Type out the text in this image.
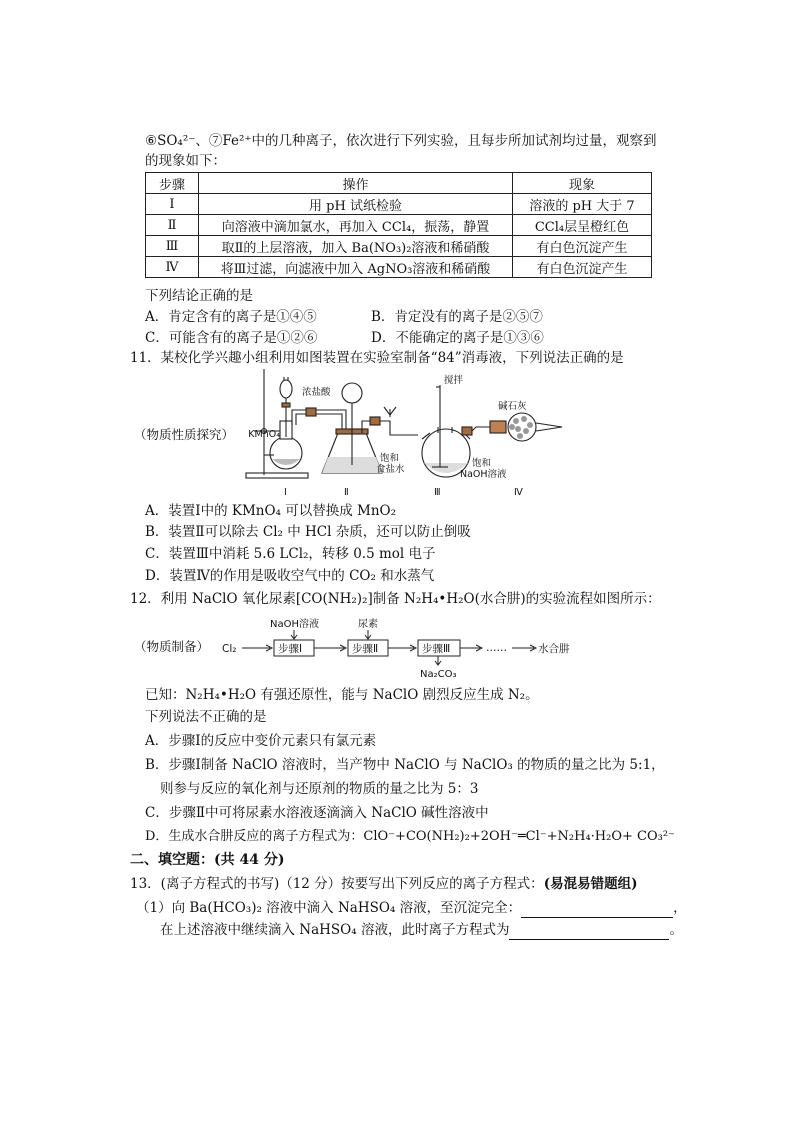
⑥SO₄²⁻、⑦Fe²⁺中的几种离子，依次进行下列实验，且每步所加试剂均过量，观察到
的现象如下：
步骤	操作	现象
Ⅰ	用 pH 试纸检验	溶液的 pH 大于 7
Ⅱ	向溶液中滴加氯水，再加入 CCl₄，振荡，静置	CCl₄层呈橙红色
Ⅲ	取Ⅱ的上层溶液，加入 Ba(NO₃)₂溶液和稀硝酸	有白色沉淀产生
Ⅳ	将Ⅲ过滤，向滤液中加入 AgNO₃溶液和稀硝酸	有白色沉淀产生
下列结论正确的是
A．肯定含有的离子是①④⑤	B．肯定没有的离子是②⑤⑦
C．可能含有的离子是①②⑥	D．不能确定的离子是①③⑥
11．某校化学兴趣小组利用如图装置在实验室制备“84”消毒液，下列说法正确的是
（物质性质探究）
浓盐酸
KMnO₄
饱和
食盐水
搅拌
饱和
NaOH溶液
碱石灰
Ⅰ	Ⅱ	Ⅲ	Ⅳ
A．装置Ⅰ中的 KMnO₄ 可以替换成 MnO₂
B．装置Ⅱ可以除去 Cl₂ 中 HCl 杂质，还可以防止倒吸
C．装置Ⅲ中消耗 5.6 LCl₂，转移 0.5 mol 电子
D．装置Ⅳ的作用是吸收空气中的 CO₂ 和水蒸气
12．利用 NaClO 氧化尿素[CO(NH₂)₂]制备 N₂H₄•H₂O(水合肼)的实验流程如图所示：
（物质制备） Cl₂	步骤Ⅰ	步骤Ⅱ	步骤Ⅲ
NaOH溶液	尿素
Na₂CO₃
……	水合肼
已知：N₂H₄•H₂O 有强还原性，能与 NaClO 剧烈反应生成 N₂。
下列说法不正确的是
A．步骤Ⅰ的反应中变价元素只有氯元素
B．步骤Ⅰ制备 NaClO 溶液时，当产物中 NaClO 与 NaClO₃ 的物质的量之比为 5:1，
则参与反应的氧化剂与还原剂的物质的量之比为 5：3
C．步骤Ⅱ中可将尿素水溶液逐滴滴入 NaClO 碱性溶液中
D．生成水合肼反应的离子方程式为：ClO⁻+CO(NH₂)₂+2OH⁻═Cl⁻+N₂H₄·H₂O+ CO₃²⁻
二、填空题：(共 44 分)
13．(离子方程式的书写)（12 分）按要写出下列反应的离子方程式：(易混易错题组)
（1）向 Ba(HCO₃)₂ 溶液中滴入 NaHSO₄ 溶液，至沉淀完全：	，
在上述溶液中继续滴入 NaHSO₄ 溶液，此时离子方程式为	。
